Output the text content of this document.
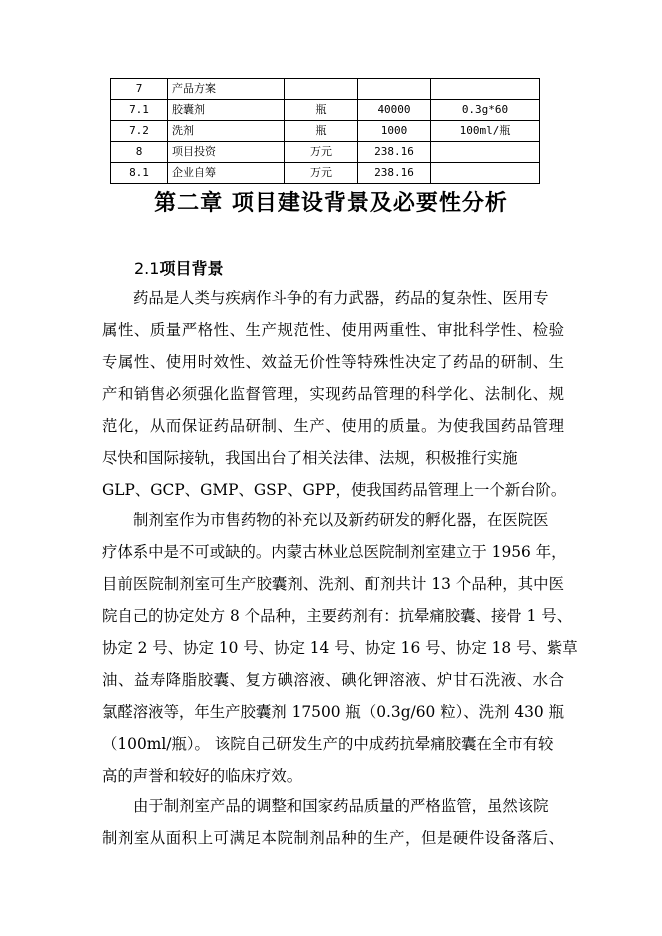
7	产品方案			
7.1	胶囊剂	瓶	40000	0.3g*60
7.2	洗剂	瓶	1000	100ml/瓶
8	项目投资	万元	238.16	
8.1	企业自筹	万元	238.16	
第二章 项目建设背景及必要性分析
2.1项目背景
药品是人类与疾病作斗争的有力武器，药品的复杂性、医用专
属性、质量严格性、生产规范性、使用两重性、审批科学性、检验
专属性、使用时效性、效益无价性等特殊性决定了药品的研制、生
产和销售必须强化监督管理，实现药品管理的科学化、法制化、规
范化，从而保证药品研制、生产、使用的质量。为使我国药品管理
尽快和国际接轨，我国出台了相关法律、法规，积极推行实施
GLP、GCP、GMP、GSP、GPP，使我国药品管理上一个新台阶。
制剂室作为市售药物的补充以及新药研发的孵化器，在医院医
疗体系中是不可或缺的。内蒙古林业总医院制剂室建立于 1956 年，
目前医院制剂室可生产胶囊剂、洗剂、酊剂共计 13 个品种，其中医
院自己的协定处方 8 个品种，主要药剂有：抗晕痛胶囊、接骨 1 号、
协定 2 号、协定 10 号、协定 14 号、协定 16 号、协定 18 号、紫草
油、益寿降脂胶囊、复方碘溶液、碘化钾溶液、炉甘石洗液、水合
氯醛溶液等，年生产胶囊剂 17500 瓶（0.3g/60 粒）、洗剂 430 瓶
（100ml/瓶）。 该院自己研发生产的中成药抗晕痛胶囊在全市有较
高的声誉和较好的临床疗效。
由于制剂室产品的调整和国家药品质量的严格监管，虽然该院
制剂室从面积上可满足本院制剂品种的生产，但是硬件设备落后、
